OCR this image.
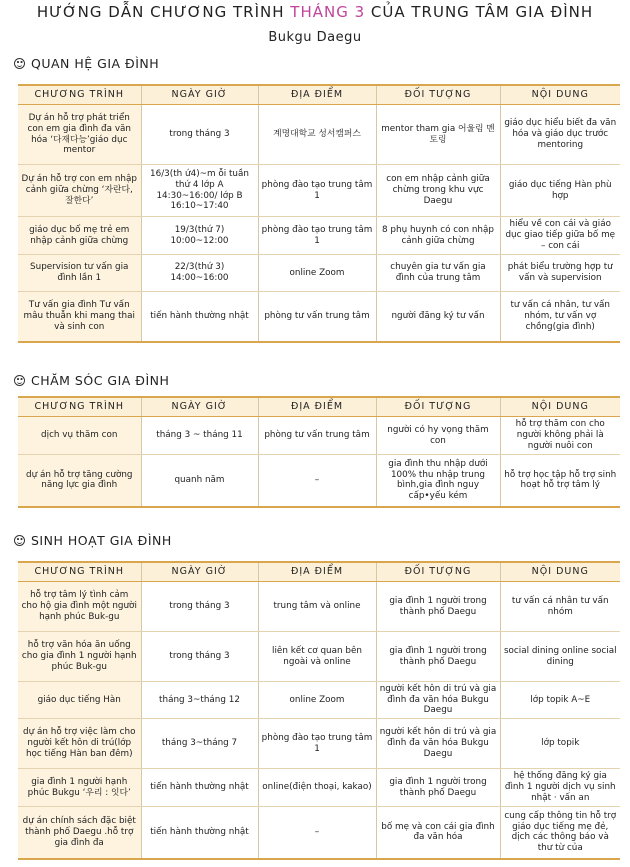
HƯỚNG DẪN CHƯƠNG TRÌNH THÁNG 3 CỦA TRUNG TÂM GIA ĐÌNH
Bukgu Daegu
QUAN HỆ GIA ĐÌNH
CHƯƠNG TRÌNH	NGÀY GIỜ	ĐỊA ĐIỂM	ĐỐI TƯỢNG	NỘI DUNG
Dự án hỗ trợ phát triển con em gia đình đa văn hóa ‘다재다능’giáo dục mentor	trong tháng 3	계명대학교 성서캠퍼스	mentor tham gia 어울림 멘토링	giáo dục hiểu biết đa văn hóa và giáo dục trước mentoring
Dự án hỗ trợ con em nhập cảnh giữa chừng ‘자란다, 잘한다’	16/3(th ứ4)~m ỗi tuần thứ 4 lớp A 14:30~16:00/ lớp B 16:10~17:40	phòng đào tạo trung tâm 1	con em nhập cảnh giữa chừng trong khu vực Daegu	giáo dục tiếng Hàn phù hợp
giáo dục bố mẹ trẻ em nhập cảnh giữa chừng	19/3(thứ 7) 10:00~12:00	phòng đào tạo trung tâm 1	8 phụ huynh có con nhập cảnh giữa chừng	hiểu về con cái và giáo dục giao tiếp giữa bố mẹ – con cái
Supervision tư vấn gia đình lần 1	22/3(thứ 3) 14:00~16:00	online Zoom	chuyên gia tư vấn gia đình của trung tâm	phát biểu trường hợp tư vấn và supervision
Tư vấn gia đình Tư vấn mâu thuẫn khi mang thai và sinh con	tiến hành thường nhật	phòng tư vấn trung tâm	người đăng ký tư vấn	tư vấn cá nhân, tư vấn nhóm, tư vấn vợ chồng(gia đình)
CHĂM SÓC GIA ĐÌNH
CHƯƠNG TRÌNH	NGÀY GIỜ	ĐỊA ĐIỂM	ĐỐI TƯỢNG	NỘI DUNG
dịch vụ thăm con	tháng 3 ~ tháng 11	phòng tư vấn trung tâm	người có hy vọng thăm con	hỗ trợ thăm con cho người không phải là người nuôi con
dự án hỗ trợ tăng cường năng lực gia đình	quanh năm	–	gia đình thu nhập dưới 100% thu nhập trung bình,gia đình nguy cấp•yếu kém	hỗ trợ học tập hỗ trợ sinh hoạt hỗ trợ tâm lý
SINH HOẠT GIA ĐÌNH
CHƯƠNG TRÌNH	NGÀY GIỜ	ĐỊA ĐIỂM	ĐỐI TƯỢNG	NỘI DUNG
hỗ trợ tâm lý tình cảm cho hộ gia đình một người hạnh phúc Buk-gu	trong tháng 3	trung tâm và online	gia đình 1 người trong thành phố Daegu	tư vấn cá nhân tư vấn nhóm
hỗ trợ văn hóa ăn uống cho gia đình 1 người hạnh phúc Buk-gu	trong tháng 3	liên kết cơ quan bên ngoài và online	gia đình 1 người trong thành phố Daegu	social dining online social dining
giáo dục tiếng Hàn	tháng 3~tháng 12	online Zoom	người kết hôn di trú và gia đình đa văn hóa Bukgu Daegu	lớp topik A~E
dự án hỗ trợ việc làm cho người kết hôn di trú(lớp học tiếng Hàn ban đêm)	tháng 3~tháng 7	phòng đào tạo trung tâm 1	người kết hôn di trú và gia đình đa văn hóa Bukgu Daegu	lớp topik
gia đình 1 người hạnh phúc Bukgu ‘우리 : 잇다’	tiến hành thường nhật	online(điện thoại, kakao)	gia đình 1 người trong thành phố Daegu	hệ thống đăng ký gia đình 1 người dịch vụ sinh nhật · vấn an
dự án chính sách đặc biệt thành phố Daegu .hỗ trợ gia đình đa	tiến hành thường nhật	–	bố mẹ và con cái gia đình đa văn hóa	cung cấp thông tin hỗ trợ giáo dục tiếng mẹ đẻ, dịch các thông báo và thư từ của
